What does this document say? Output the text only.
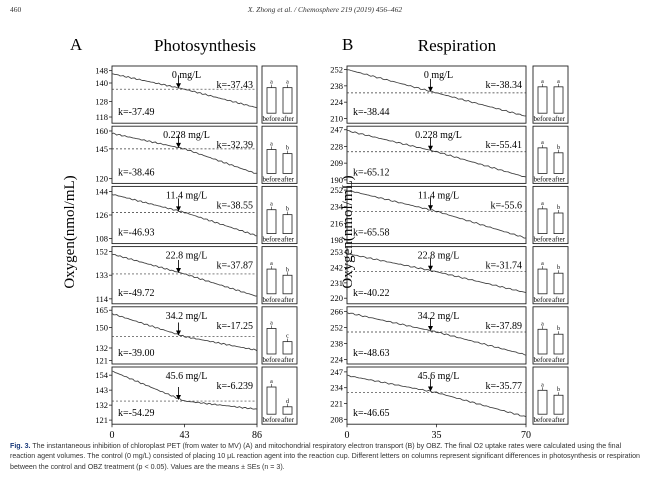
460	X. Zhong et al. / Chemosphere 219 (2019) 456–462
A	Photosynthesis
Oxygen(nmol/mL)
148
140
128
118
0 mg/L
k=-37.49
k=-37.43	a
before
a
after
160
145
120
0.228 mg/L
k=-38.46
k=-32.39	a
before
b
after
144
126
108
11.4 mg/L
k=-46.93
k=-38.55	a
before
b
after
152
133
114
22.8 mg/L
k=-49.72
k=-37.87	a
before
b
after
165
150
132
121
34.2 mg/L
k=-39.00
k=-17.25	a
before
c
after
154
143
132
121
45.6 mg/L
k=-54.29
k=-6.239	a
before
d
after
0	43	86
B	Respiration
Oxygen(nmol/mL)
252
238
224
210
0 mg/L
k=-38.44
k=-38.34	a
before
a
after
247
228
209
190
0.228 mg/L
k=-65.12
k=-55.41	a
before
b
after
252
234
216
198
11.4 mg/L
k=-65.58
k=-55.6	a
before
b
after
253
242
231
220
22.8 mg/L
k=-40.22
k=-31.74	a
before
b
after
266
252
238
224
34.2 mg/L
k=-48.63
k=-37.89	a
before
b
after
247
234
221
208
45.6 mg/L
k=-46.65
k=-35.77	a
before
b
after
0	35	70
Fig. 3. The instantaneous inhibition of chloroplast PET (from water to MV) (A) and mitochondrial respiratory electron transport (B) by OBZ. The final O2 uptake rates were calculated using the final reaction agent volumes. The control (0 mg/L) consisted of placing 10 μL reaction agent into the reaction cup. Different letters on columns represent significant differences in photosynthesis or respiration between the control and OBZ treatment (p < 0.05). Values are the means ± SEs (n = 3).
